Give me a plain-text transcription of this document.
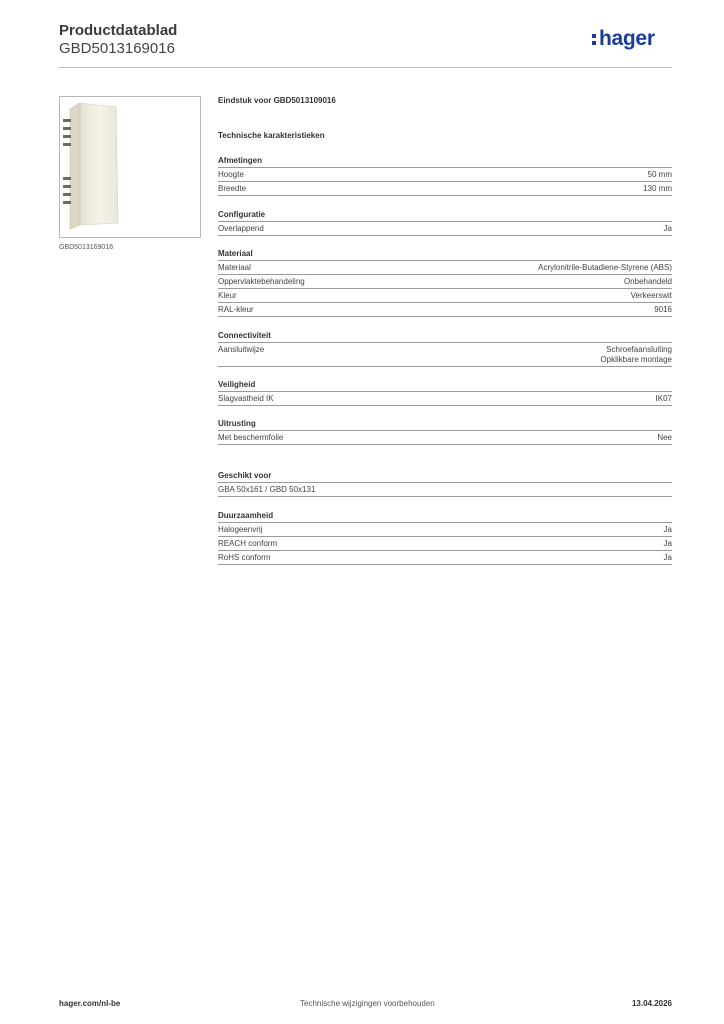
Productdatablad
GBD5013169016	hager
GBD5013169016
Eindstuk voor GBD5013109016
Technische karakteristieken
Afmetingen
Hoogte	50 mm
Breedte	130 mm
Configuratie
Overlappend	Ja
Materiaal
Materiaal	Acrylonitrile-Butadiene-Styrene (ABS)
Oppervlaktebehandeling	Onbehandeld
Kleur	Verkeerswit
RAL-kleur	9016
Connectiviteit
Aansluitwijze	Schroefaansluiting
Opklikbare montage
Veiligheid
Slagvastheid IK	IK07
Uitrusting
Met beschermfolie	Nee
Geschikt voor
GBA 50x161 / GBD 50x131
Duurzaamheid
Halogeenvrij	Ja
REACH conform	Ja
RoHS conform	Ja
hager.com/nl-be	Technische wijzigingen voorbehouden	13.04.2026
